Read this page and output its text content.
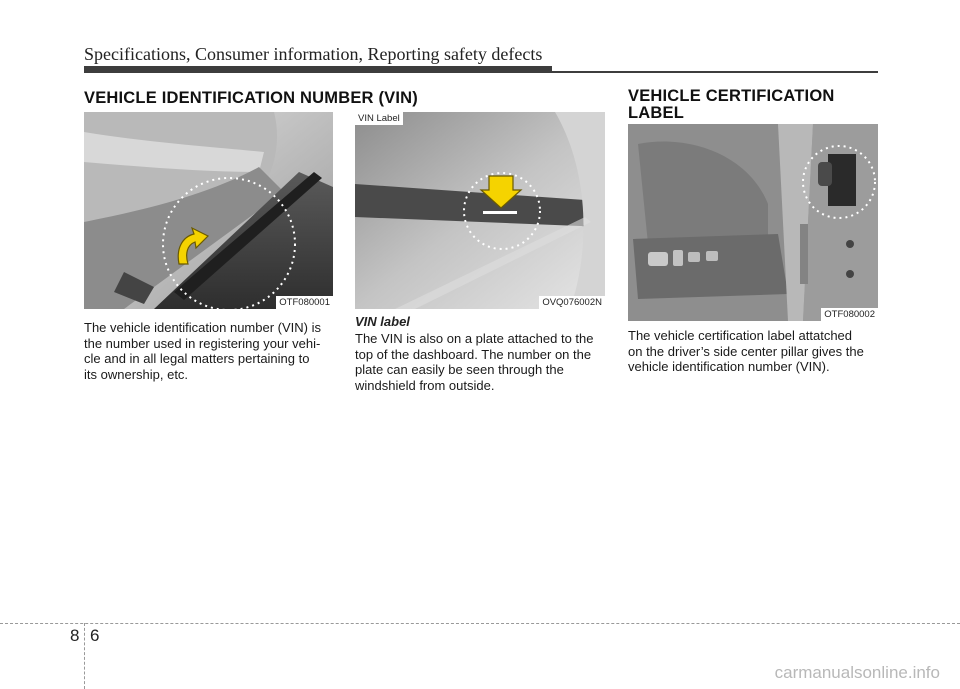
Specifications, Consumer information, Reporting safety defects
VEHICLE IDENTIFICATION NUMBER (VIN)	VEHICLE CERTIFICATION
LABEL
OTF080001
VIN Label
OVQ076002N
OTF080002
The vehicle identification number (VIN) is
the number used in registering your vehi-
cle and in all legal matters pertaining to
its ownership, etc.
VIN label
The VIN is also on a plate attached to the
top of the dashboard. The number on the
plate can easily be seen through the
windshield from outside.
The vehicle certification label attatched
on the driver’s side center pillar gives the
vehicle identification number (VIN).
8 6
carmanualsonline.info
